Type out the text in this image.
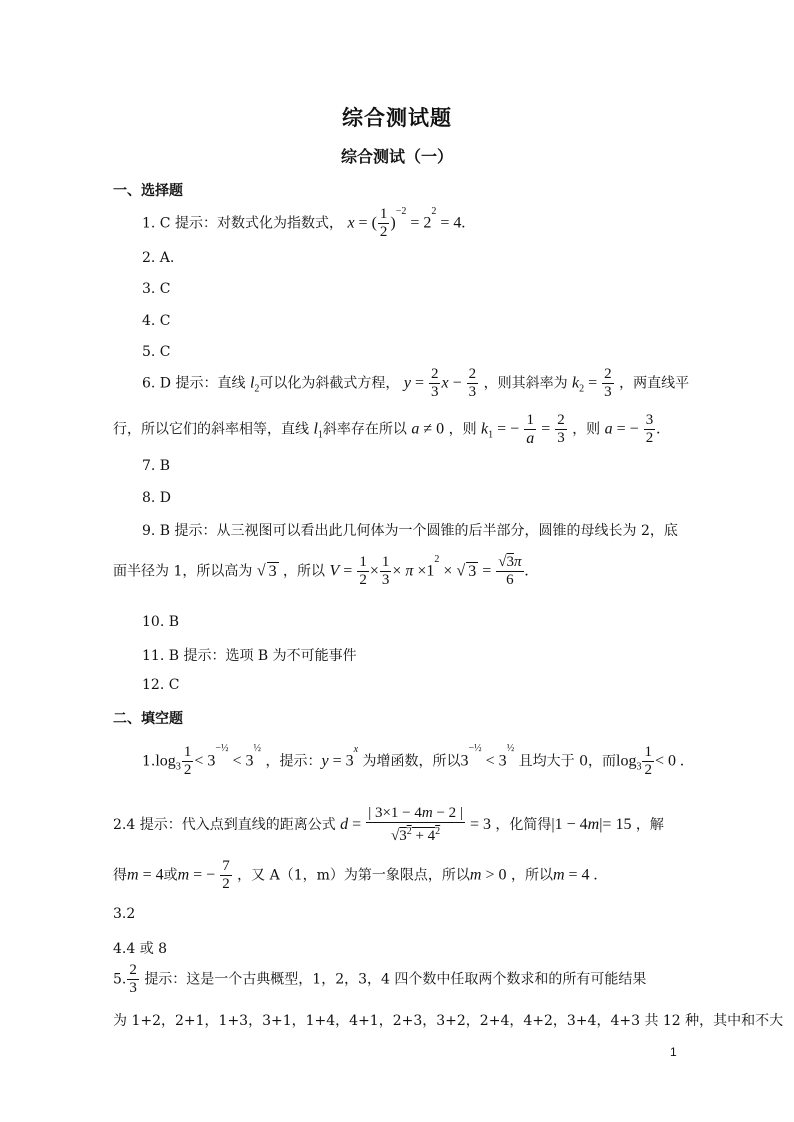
综合测试题
综合测试（一）
一、选择题
1. C 提示：对数式化为指数式， x = ( $\frac{1}{2} )^{-2} = 2^2 = 4$.
2. A.
3. C
4. C
5. C
6. D 提示：直线 $l_2$可以化为斜截式方程， $y = \frac{2}{3}$ $x - \frac{2}{3}$ ，则其斜率为 $k_2 = \frac{2}{3}$ ，两直线平
行，所以它们的斜率相等，直线 $l_1$斜率存在所以 a ≠ 0 ，则 $k_1$ = − $\frac{1}{a} = \frac{2}{3}$ ，则 a = − $\frac{3}{2}$ .
7. B
8. D
9. B 提示：从三视图可以看出此几何体为一个圆锥的后半部分，圆锥的母线长为 2，底
面半径为 1，所以高为 √ 3 ，所以 $V = \frac{1}{2} \times \frac{1}{3} \times \pi \times 1^2$ × √ $3 = \frac{√3\pi}{6}$ .
10. B
11. B 提示：选项 B 为不可能事件
12. C
二、填空题
$1.\log_3 \frac{1}{2} < 3^{-\frac{1}{2}} < 3^{\frac{1}{2}}$ ，提示：$y = 3^x$ 为增函数，所以$3^{-\frac{1}{2}} < 3^{\frac{1}{2}}$ 且均大于 0，而$\log_3 \frac{1}{2} < 0$ .
2.4 提示：代入点到直线的距离公式 $d = \frac{| 3\times 1 - 4m - 2 |}{√3^2 + 4^2} = 3$ ，化简得|1 − 4m|= 15 ，解
得m = 4或m = − $\frac{7}{2}$ ，又 A（1，m）为第一象限点，所以m > 0 ，所以m = 4 .
3.2
4.4 或 8
5. $\frac{2}{3}$ 提示：这是一个古典概型，1，2，3，4 四个数中任取两个数求和的所有可能结果
为 1+2，2+1，1+3，3+1，1+4，4+1，2+3，3+2，2+4，4+2，3+4，4+3 共 12 种，其中和不大
1
